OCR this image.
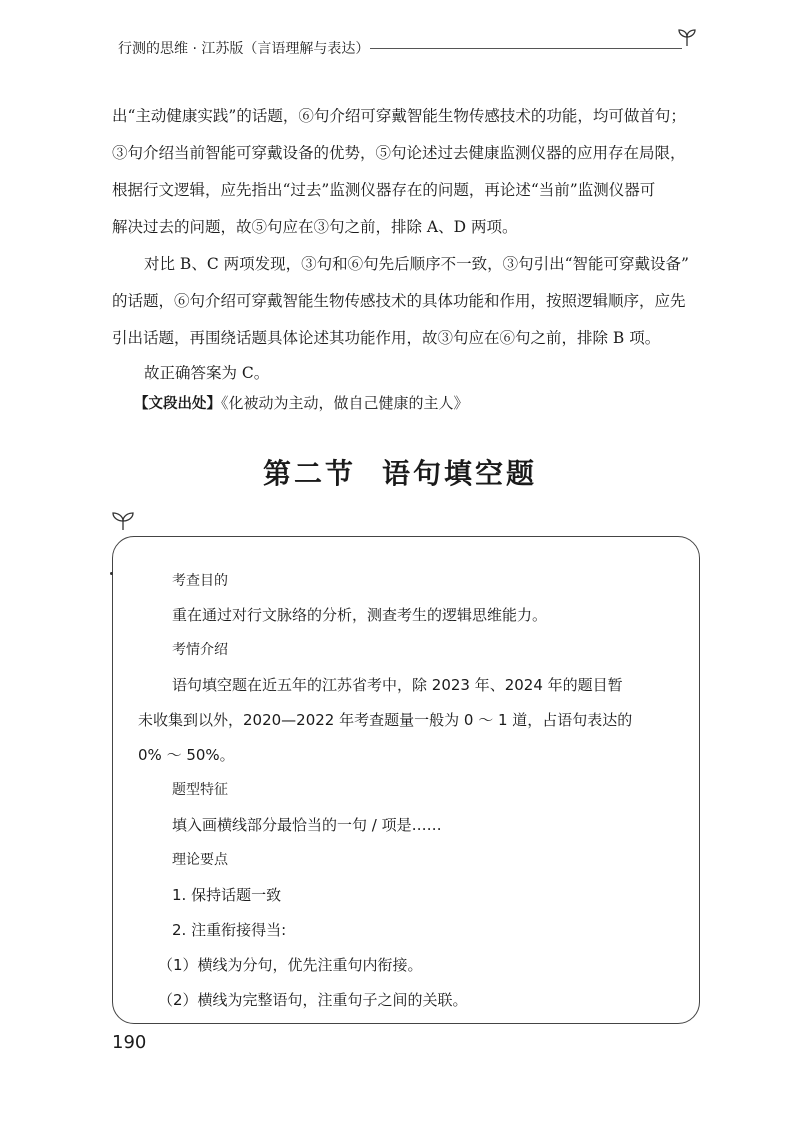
行测的思维 · 江苏版（言语理解与表达）
出“主动健康实践”的话题，⑥句介绍可穿戴智能生物传感技术的功能，均可做首句；
③句介绍当前智能可穿戴设备的优势，⑤句论述过去健康监测仪器的应用存在局限，
根据行文逻辑，应先指出“过去”监测仪器存在的问题，再论述“当前”监测仪器可
解决过去的问题，故⑤句应在③句之前，排除 A、D 两项。
对比 B、C 两项发现，③句和⑥句先后顺序不一致，③句引出“智能可穿戴设备”
的话题，⑥句介绍可穿戴智能生物传感技术的具体功能和作用，按照逻辑顺序，应先
引出话题，再围绕话题具体论述其功能作用，故③句应在⑥句之前，排除 B 项。
故正确答案为 C。
【文段出处】《化被动为主动，做自己健康的主人》
第二节 语句填空题
考查目的
重在通过对行文脉络的分析，测查考生的逻辑思维能力。
考情介绍
语句填空题在近五年的江苏省考中，除 2023 年、2024 年的题目暂
未收集到以外，2020—2022 年考查题量一般为 0 ～ 1 道，占语句表达的
0% ～ 50%。
题型特征
填入画横线部分最恰当的一句 / 项是……
理论要点
1. 保持话题一致
2. 注重衔接得当:
（1）横线为分句，优先注重句内衔接。
（2）横线为完整语句，注重句子之间的关联。
190
